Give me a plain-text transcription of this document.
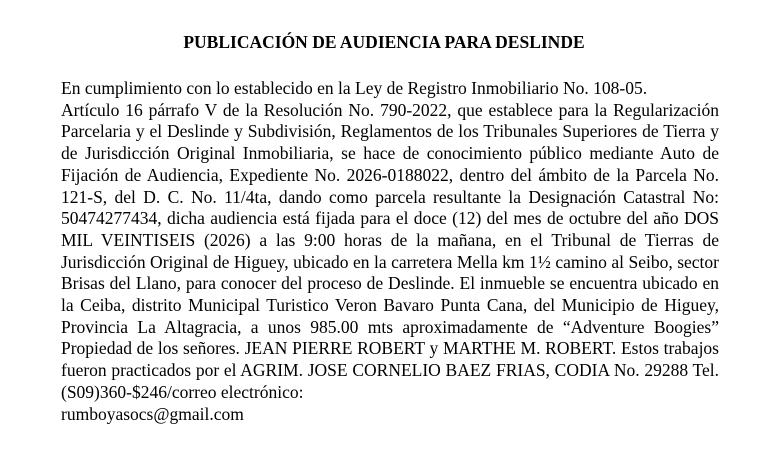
PUBLICACIÓN DE AUDIENCIA PARA DESLINDE
En cumplimiento con lo establecido en la Ley de Registro Inmobiliario No. 108-05.
Artículo 16 párrafo V de la Resolución No. 790-2022, que establece para la Regularización
Parcelaria y el Deslinde y Subdivisión, Reglamentos de los Tribunales Superiores de Tierra y
de Jurisdicción Original Inmobiliaria, se hace de conocimiento público mediante Auto de
Fijación de Audiencia, Expediente No. 2026-0188022, dentro del ámbito de la Parcela No.
121-S, del D. C. No. 11/4ta, dando como parcela resultante la Designación Catastral No:
50474277434, dicha audiencia está fijada para el doce (12) del mes de octubre del año DOS
MIL VEINTISEIS (2026) a las 9:00 horas de la mañana, en el Tribunal de Tierras de
Jurisdicción Original de Higuey, ubicado en la carretera Mella km 1½ camino al Seibo, sector
Brisas del Llano, para conocer del proceso de Deslinde. El inmueble se encuentra ubicado en
la Ceiba, distrito Municipal Turistico Veron Bavaro Punta Cana, del Municipio de Higuey,
Provincia La Altagracia, a unos 985.00 mts aproximadamente de “Adventure Boogies”
Propiedad de los señores. JEAN PIERRE ROBERT y MARTHE M. ROBERT. Estos trabajos
fueron practicados por el AGRIM. JOSE CORNELIO BAEZ FRIAS, CODIA No. 29288 Tel.
(S09)360-$246/correo electrónico:
rumboyasocs@gmail.com
